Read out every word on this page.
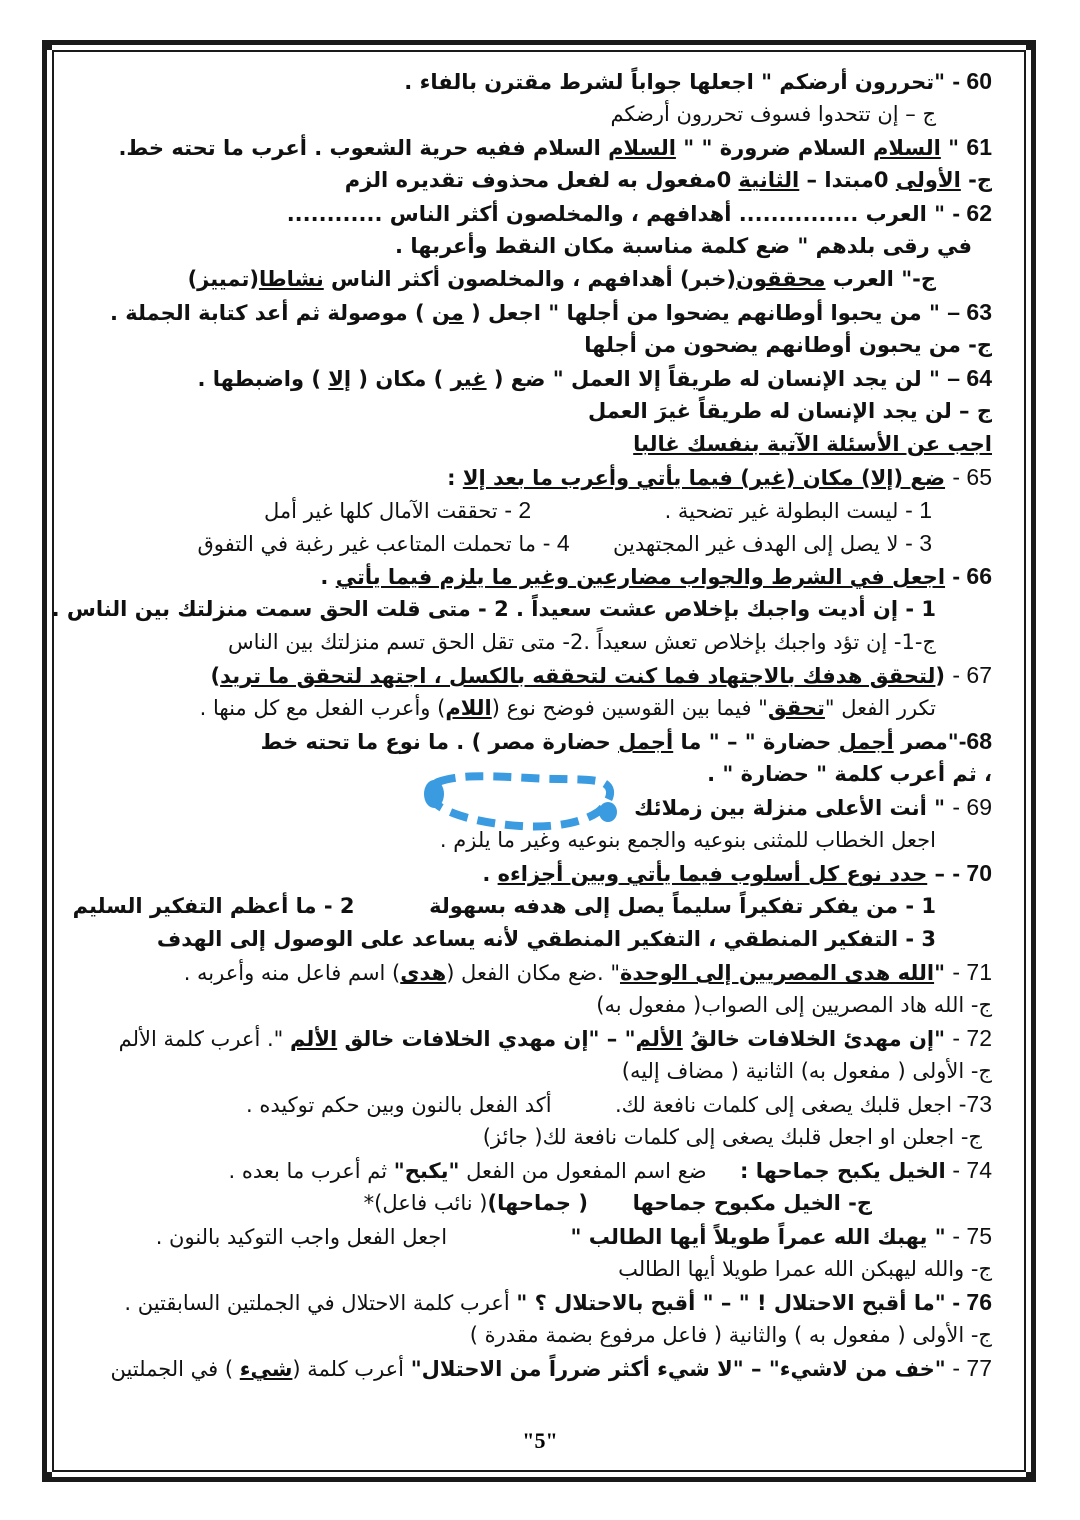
60 - "تحررون أرضكم " اجعلها جواباً لشرط مقترن بالفاء .
ج – إن تتحدوا فسوف تحررون أرضكم
61 " السلام السلام ضرورة " " السلام السلام ففيه حرية الشعوب . أعرب ما تحته خط.
ج- الأولى 0مبتدا – الثانية 0مفعول به لفعل محذوف تقديره الزم
62 - " العرب ............... أهدافهم ، والمخلصون أكثر الناس ............
في رقى بلدهم " ضع كلمة مناسبة مكان النقط وأعربها .
ج-" العرب محققون(خبر) أهدافهم ، والمخلصون أكثر الناس نشاطا(تمييز)
63 – " من يحبوا أوطانهم يضحوا من أجلها " اجعل ( من ) موصولة ثم أعد كتابة الجملة .
ج- من يحبون أوطانهم يضحون من أجلها
64 – " لن يجد الإنسان له طريقاً إلا العمل " ضع ( غير ) مكان ( إلا ) واضبطها .
ج – لن يجد الإنسان له طريقاً غيرَ العمل
اجب عن الأسئلة الآتية بنفسك غالبا
65 - ضع (إلا) مكان (غير) فيما يأتي وأعرب ما بعد إلا :
1 - ليست البطولة غير تضحية .  2 - تحققت الآمال كلها غير أمل
3 - لا يصل إلى الهدف غير المجتهدين  4 - ما تحملت المتاعب غير رغبة في التفوق
66 - اجعل في الشرط والجواب مضارعين وغير ما يلزم فيما يأتي .
1 - إن أديت واجبك بإخلاص عشت سعيداً . 2 - متى قلت الحق سمت منزلتك بين الناس .
ج-1- إن تؤد واجبك بإخلاص تعش سعيداً .2- متى تقل الحق تسم منزلتك بين الناس
67 - (لتحقق هدفك بالاجتهاد فما كنت لتحققه بالكسل ، اجتهد لتحقق ما تريد)
تكرر الفعل "تحقق" فيما بين القوسين فوضح نوع (اللام) وأعرب الفعل مع كل منها .
68-"مصر أجمل حضارة " – " ما أجمل حضارة مصر ) . ما نوع ما تحته خط
، ثم أعرب كلمة " حضارة " .
69 - " أنت الأعلى منزلة بين زملائك
اجعل الخطاب للمثنى بنوعيه والجمع بنوعيه وغير ما يلزم .
70 - – حدد نوع كل أسلوب فيما يأتي وبين أجزاءه .
1 - من يفكر تفكيراً سليماً يصل إلى هدفه بسهولة  2 - ما أعظم التفكير السليم
3 - التفكير المنطقي ، التفكير المنطقي لأنه يساعد على الوصول إلى الهدف
71 - "الله هدى المصريين إلى الوحدة" .ضع مكان الفعل (هدى) اسم فاعل منه وأعربه .
ج- الله هاد المصريين إلى الصواب( مفعول به)
72 - "إن مهدئ الخلافات خالقُ الألم" – "إن مهدي الخلافات خالق الألم ". أعرب كلمة الألم
ج- الأولى ( مفعول به) الثانية ( مضاف إليه)
73- اجعل قلبك يصغى إلى كلمات نافعة لك.  أكد الفعل بالنون وبين حكم توكيده .
ج- اجعلن او اجعل قلبك يصغى إلى كلمات نافعة لك( جائز)
74 - الخيل يكبح جماحها :  ضع اسم المفعول من الفعل "يكبح" ثم أعرب ما بعده .
ج- الخيل مكبوح جماحها  ( جماحها)( نائب فاعل)*
75 - " يهبك الله عمراً طويلاً أيها الطالب "  اجعل الفعل واجب التوكيد بالنون .
ج- والله ليهبكن الله عمرا طويلا أيها الطالب
76 - "ما أقبح الاحتلال ! " – " أقبح بالاحتلال ؟ " أعرب كلمة الاحتلال في الجملتين السابقتين .
ج- الأولى ( مفعول به ) والثانية ( فاعل مرفوع بضمة مقدرة )
77 - "خف من لاشيء" – "لا شيء أكثر ضرراً من الاحتلال" أعرب كلمة (شيء ) في الجملتين
"5"
